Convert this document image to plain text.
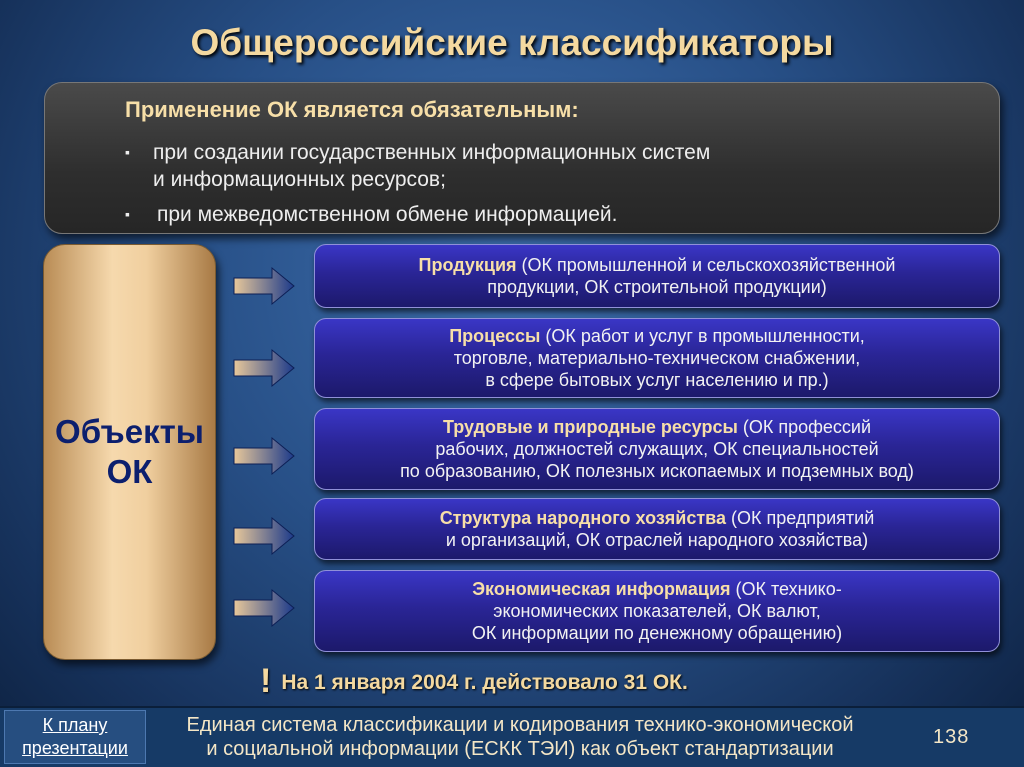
Общероссийские классификаторы
Применение ОК является обязательным:
▪ при создании государственных информационных систем
и информационных ресурсов;
▪ при межведомственном обмене информацией.
Объекты
ОК
Продукция (ОК промышленной и сельскохозяйственной
продукции, ОК строительной продукции)
Процессы (ОК работ и услуг в промышленности,
торговле, материально-техническом снабжении,
в сфере бытовых услуг населению и пр.)
Трудовые и природные ресурсы (ОК профессий
рабочих, должностей служащих, ОК специальностей
по образованию, ОК полезных ископаемых и подземных вод)
Структура народного хозяйства (ОК предприятий
и организаций, ОК отраслей народного хозяйства)
Экономическая информация (ОК технико-
экономических показателей, ОК валют,
ОК информации по денежному обращению)
! На 1 января 2004 г. действовало 31 ОК.
К плану
презентации
Единая система классификации и кодирования технико-экономической
и социальной информации (ЕСКК ТЭИ) как объект стандартизации
138
